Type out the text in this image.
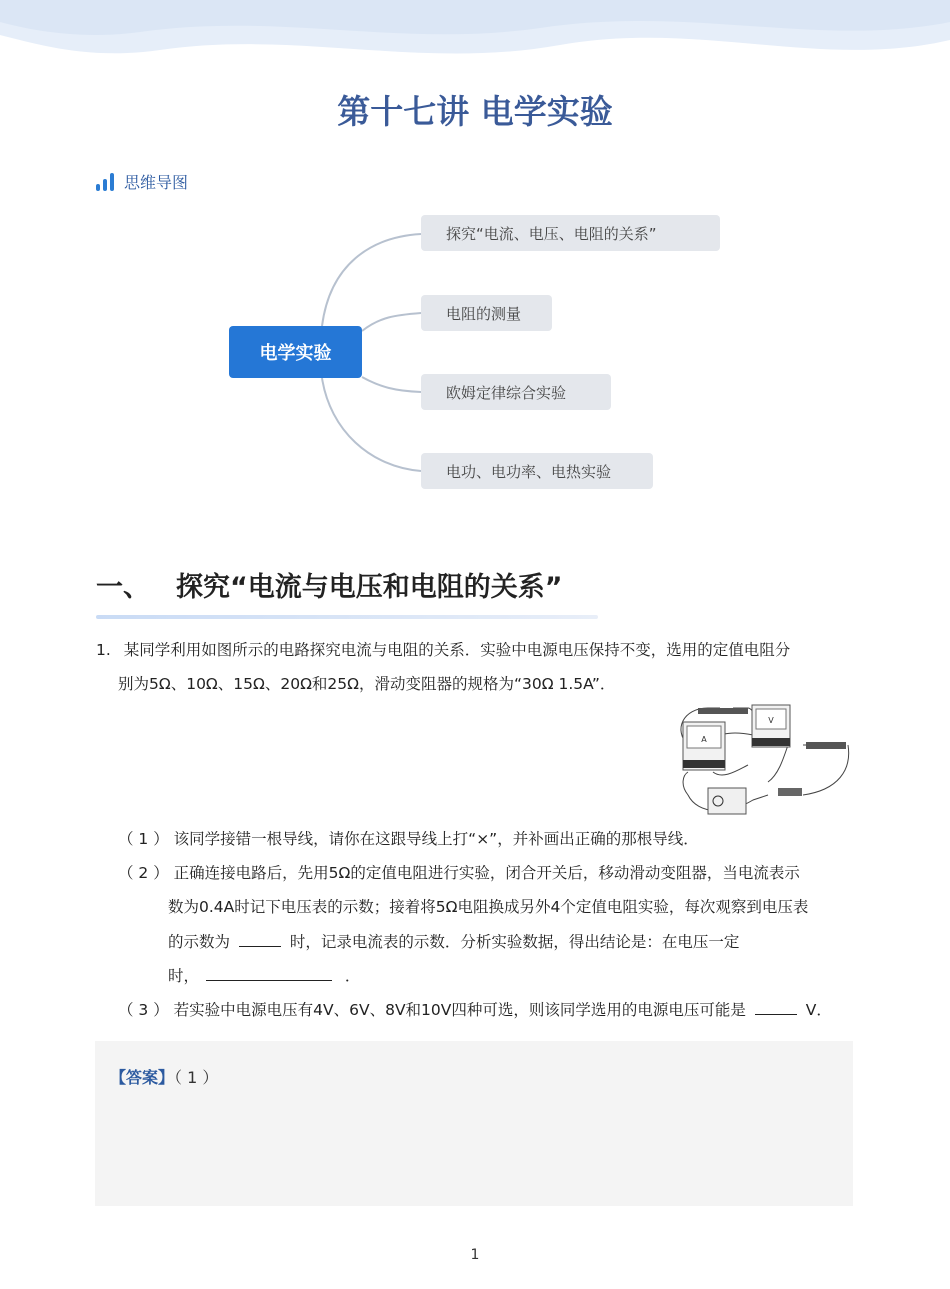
第十七讲 电学实验
思维导图
电学实验
探究“电流、电压、电阻的关系”
电阻的测量
欧姆定律综合实验
电功、电功率、电热实验
一、 探究“电流与电压和电阻的关系”
1. 某同学利用如图所示的电路探究电流与电阻的关系．实验中电源电压保持不变，选用的定值电阻分
别为5Ω、10Ω、15Ω、20Ω和25Ω，滑动变阻器的规格为“30Ω 1.5A”．
A
V
（ 1 ） 该同学接错一根导线，请你在这跟导线上打“×”，并补画出正确的那根导线．
（ 2 ） 正确连接电路后，先用5Ω的定值电阻进行实验，闭合开关后，移动滑动变阻器，当电流表示
数为0.4A时记下电压表的示数；接着将5Ω电阻换成另外4个定值电阻实验，每次观察到电压表
的示数为	时，记录电流表的示数．分析实验数据，得出结论是：在电压一定
时，	．
（ 3 ） 若实验中电源电压有4V、6V、8V和10V四种可选，则该同学选用的电源电压可能是	V．
【答案】（ 1 ）
1
